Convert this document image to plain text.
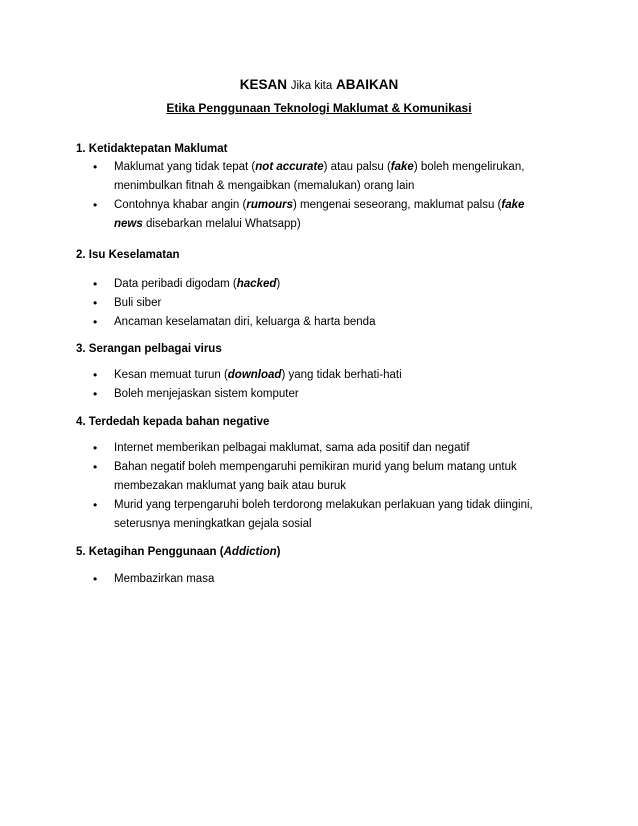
KESAN Jika kita ABAIKAN
Etika Penggunaan Teknologi Maklumat & Komunikasi
1. Ketidaktepatan Maklumat
• Maklumat yang tidak tepat (not accurate) atau palsu (fake) boleh mengelirukan, menimbulkan fitnah & mengaibkan (memalukan) orang lain
• Contohnya khabar angin (rumours) mengenai seseorang, maklumat palsu (fake news disebarkan melalui Whatsapp)
2. Isu Keselamatan
• Data peribadi digodam (hacked)
• Buli siber
• Ancaman keselamatan diri, keluarga & harta benda
3. Serangan pelbagai virus
• Kesan memuat turun (download) yang tidak berhati-hati
• Boleh menjejaskan sistem komputer
4. Terdedah kepada bahan negative
• Internet memberikan pelbagai maklumat, sama ada positif dan negatif
• Bahan negatif boleh mempengaruhi pemikiran murid yang belum matang untuk membezakan maklumat yang baik atau buruk
• Murid yang terpengaruhi boleh terdorong melakukan perlakuan yang tidak diingini, seterusnya meningkatkan gejala sosial
5. Ketagihan Penggunaan (Addiction)
• Membazirkan masa
